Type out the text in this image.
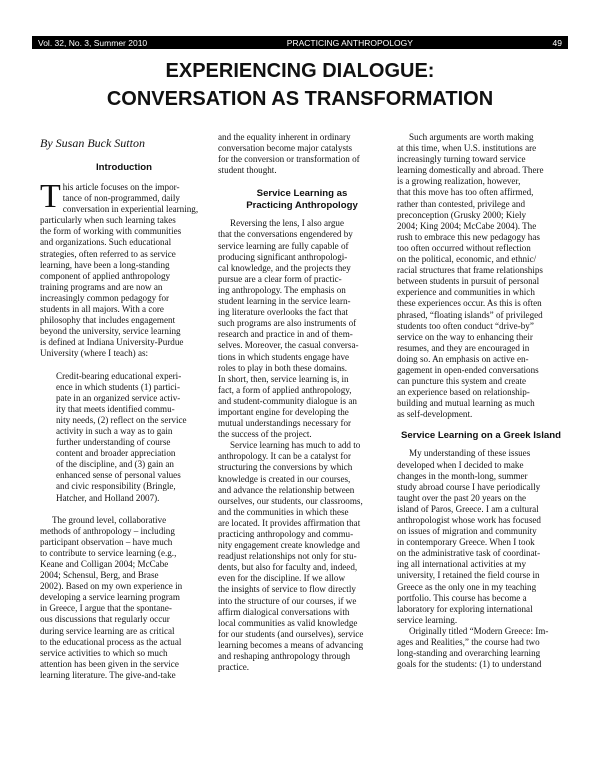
Vol. 32, No. 3, Summer 2010	PRACTICING ANTHROPOLOGY	49
EXPERIENCING DIALOGUE:
CONVERSATION AS TRANSFORMATION

By Susan Buck Sutton

Introduction

T his article focuses on the impor-
tance of non-programmed, daily
conversation in experiential learning,
particularly when such learning takes
the form of working with communities
and organizations. Such educational
strategies, often referred to as service
learning, have been a long-standing
component of applied anthropology
training programs and are now an
increasingly common pedagogy for
students in all majors. With a core
philosophy that includes engagement
beyond the university, service learning
is defined at Indiana University-Purdue
University (where I teach) as:

Credit-bearing educational experi-
ence in which students (1) partici-
pate in an organized service activ-
ity that meets identified commu-
nity needs, (2) reflect on the service
activity in such a way as to gain
further understanding of course
content and broader appreciation
of the discipline, and (3) gain an
enhanced sense of personal values
and civic responsibility (Bringle,
Hatcher, and Holland 2007).

The ground level, collaborative
methods of anthropology – including
participant observation – have much
to contribute to service learning (e.g.,
Keane and Colligan 2004; McCabe
2004; Schensul, Berg, and Brase
2002). Based on my own experience in
developing a service learning program
in Greece, I argue that the spontane-
ous discussions that regularly occur
during service learning are as critical
to the educational process as the actual
service activities to which so much
attention has been given in the service
learning literature. The give-and-take

and the equality inherent in ordinary
conversation become major catalysts
for the conversion or transformation of
student thought.

Service Learning as
Practicing Anthropology

Reversing the lens, I also argue
that the conversations engendered by
service learning are fully capable of
producing significant anthropologi-
cal knowledge, and the projects they
pursue are a clear form of practic-
ing anthropology. The emphasis on
student learning in the service learn-
ing literature overlooks the fact that
such programs are also instruments of
research and practice in and of them-
selves. Moreover, the casual conversa-
tions in which students engage have
roles to play in both these domains.
In short, then, service learning is, in
fact, a form of applied anthropology,
and student-community dialogue is an
important engine for developing the
mutual understandings necessary for
the success of the project.

Service learning has much to add to
anthropology. It can be a catalyst for
structuring the conversions by which
knowledge is created in our courses,
and advance the relationship between
ourselves, our students, our classrooms,
and the communities in which these
are located. It provides affirmation that
practicing anthropology and commu-
nity engagement create knowledge and
readjust relationships not only for stu-
dents, but also for faculty and, indeed,
even for the discipline. If we allow
the insights of service to flow directly
into the structure of our courses, if we
affirm dialogical conversations with
local communities as valid knowledge
for our students (and ourselves), service
learning becomes a means of advancing
and reshaping anthropology through
practice.

Such arguments are worth making
at this time, when U.S. institutions are
increasingly turning toward service
learning domestically and abroad. There
is a growing realization, however,
that this move has too often affirmed,
rather than contested, privilege and
preconception (Grusky 2000; Kiely
2004; King 2004; McCabe 2004). The
rush to embrace this new pedagogy has
too often occurred without reflection
on the political, economic, and ethnic/
racial structures that frame relationships
between students in pursuit of personal
experience and communities in which
these experiences occur. As this is often
phrased, “floating islands” of privileged
students too often conduct “drive-by”
service on the way to enhancing their
resumes, and they are encouraged in
doing so. An emphasis on active en-
gagement in open-ended conversations
can puncture this system and create
an experience based on relationship-
building and mutual learning as much
as self-development.

Service Learning on a Greek Island

My understanding of these issues
developed when I decided to make
changes in the month-long, summer
study abroad course I have periodically
taught over the past 20 years on the
island of Paros, Greece. I am a cultural
anthropologist whose work has focused
on issues of migration and community
in contemporary Greece. When I took
on the administrative task of coordinat-
ing all international activities at my
university, I retained the field course in
Greece as the only one in my teaching
portfolio. This course has become a
laboratory for exploring international
service learning.

Originally titled “Modern Greece: Im-
ages and Realities,” the course had two
long-standing and overarching learning
goals for the students: (1) to understand
